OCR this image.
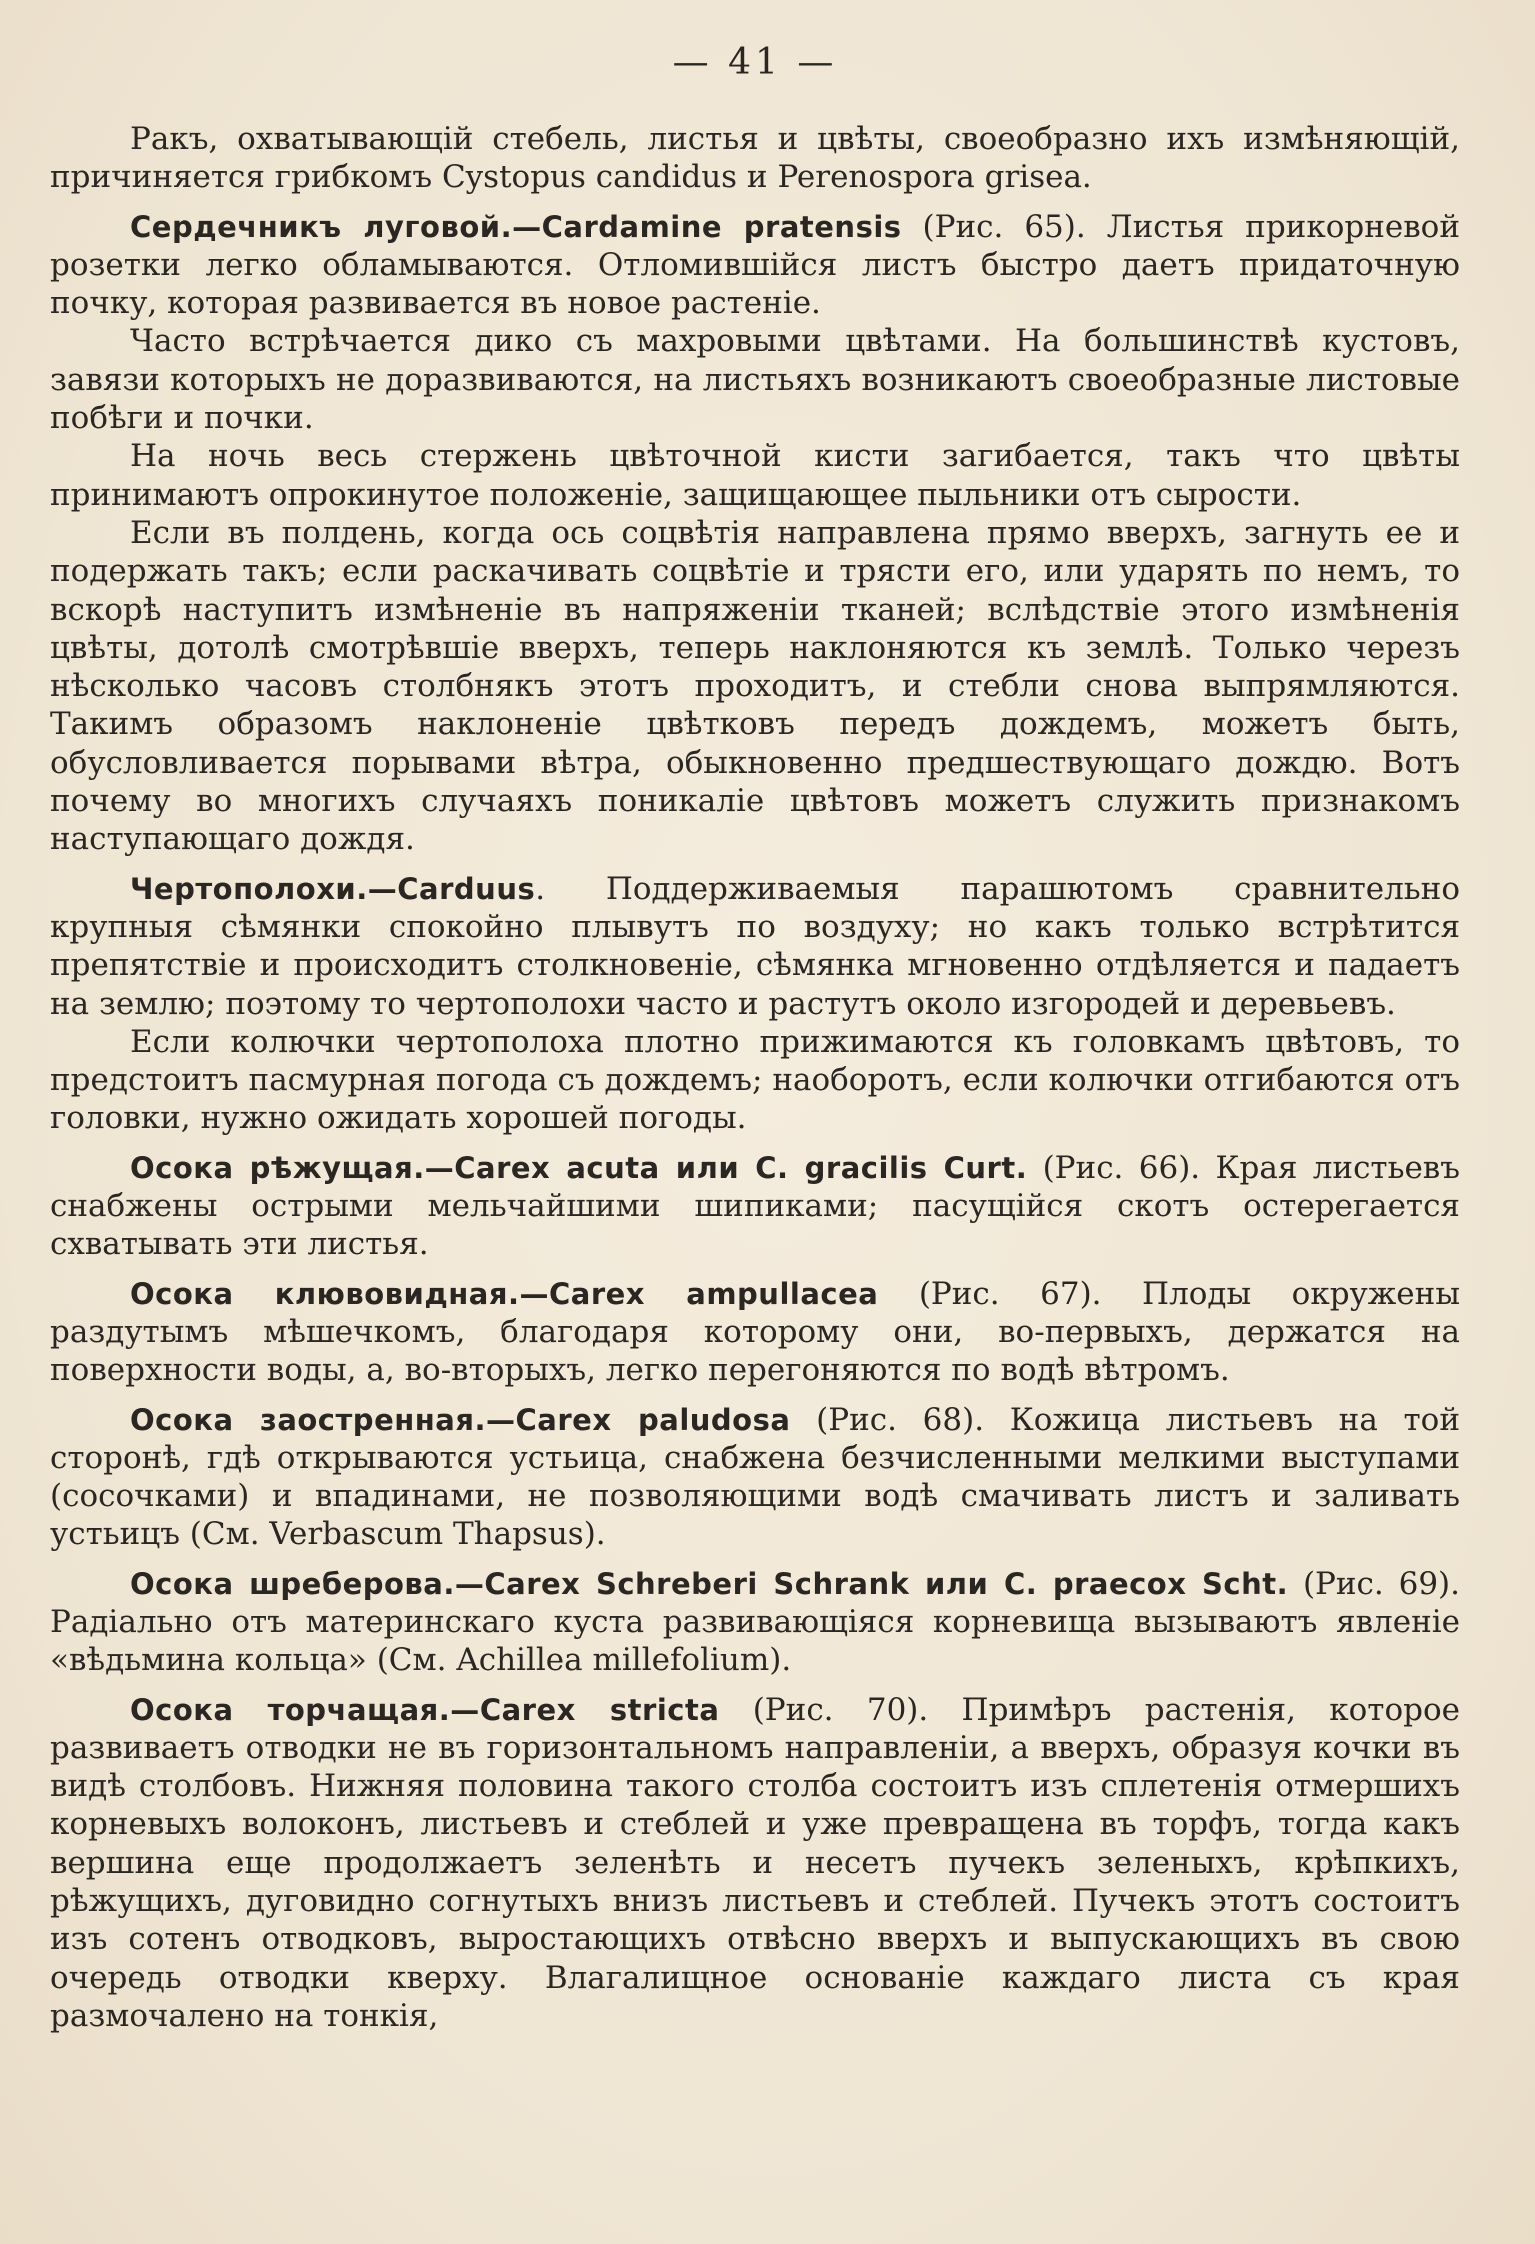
— 41 —

Ракъ, охватывающій стебель, листья и цвѣты, своеобразно ихъ измѣняющій, причиняется грибкомъ Cystopus candidus и Perenospora grisea.

Сердечникъ луговой.—Cardamine pratensis (Рис. 65). Листья прикорневой розетки легко обламываются. Отломившійся листъ быстро даетъ придаточную почку, которая развивается въ новое растеніе.

Часто встрѣчается дико съ махровыми цвѣтами. На большинствѣ кустовъ, завязи которыхъ не доразвиваются, на листьяхъ возникаютъ своеобразные листовые побѣги и почки.

На ночь весь стержень цвѣточной кисти загибается, такъ что цвѣты принимаютъ опрокинутое положеніе, защищающее пыльники отъ сырости.

Если въ полдень, когда ось соцвѣтія направлена прямо вверхъ, загнуть ее и подержать такъ; если раскачивать соцвѣтіе и трясти его, или ударять по немъ, то вскорѣ наступитъ измѣненіе въ напряженіи тканей; вслѣдствіе этого измѣненія цвѣты, дотолѣ смотрѣвшіе вверхъ, теперь наклоняются къ землѣ. Только черезъ нѣсколько часовъ столбнякъ этотъ проходитъ, и стебли снова выпрямляются. Такимъ образомъ наклоненіе цвѣтковъ передъ дождемъ, можетъ быть, обусловливается порывами вѣтра, обыкновенно предшествующаго дождю. Вотъ почему во многихъ случаяхъ поникаліе цвѣтовъ можетъ служить признакомъ наступающаго дождя.

Чертополохи.—Carduus. Поддерживаемыя парашютомъ сравнительно крупныя сѣмянки спокойно плывутъ по воздуху; но какъ только встрѣтится препятствіе и происходитъ столкновеніе, сѣмянка мгновенно отдѣляется и падаетъ на землю; поэтому то чертополохи часто и растутъ около изгородей и деревьевъ.

Если колючки чертополоха плотно прижимаются къ головкамъ цвѣтовъ, то предстоитъ пасмурная погода съ дождемъ; наоборотъ, если колючки отгибаются отъ головки, нужно ожидать хорошей погоды.

Осока рѣжущая.—Carex acuta или C. gracilis Curt. (Рис. 66). Края листьевъ снабжены острыми мельчайшими шипиками; пасущійся скотъ остерегается схватывать эти листья.

Осока клювовидная.—Carex ampullacea (Рис. 67). Плоды окружены раздутымъ мѣшечкомъ, благодаря которому они, во-первыхъ, держатся на поверхности воды, а, во-вторыхъ, легко перегоняются по водѣ вѣтромъ.

Осока заостренная.—Carex paludosa (Рис. 68). Кожица листьевъ на той сторонѣ, гдѣ открываются устьица, снабжена безчисленными мелкими выступами (сосочками) и впадинами, не позволяющими водѣ смачивать листъ и заливать устьицъ (См. Verbascum Thapsus).

Осока шреберова.—Carex Schreberi Schrank или C. praecox Scht. (Рис. 69). Радіально отъ материнскаго куста развивающіяся корневища вызываютъ явленіе «вѣдьмина кольца» (См. Achillea millefolium).

Осока торчащая.—Carex stricta (Рис. 70). Примѣръ растенія, которое развиваетъ отводки не въ горизонтальномъ направленіи, а вверхъ, образуя кочки въ видѣ столбовъ. Нижняя половина такого столба состоитъ изъ сплетенія отмершихъ корневыхъ волоконъ, листьевъ и стеблей и уже превращена въ торфъ, тогда какъ вершина еще продолжаетъ зеленѣть и несетъ пучекъ зеленыхъ, крѣпкихъ, рѣжущихъ, дуговидно согнутыхъ внизъ листьевъ и стеблей. Пучекъ этотъ состоитъ изъ сотенъ отводковъ, выростающихъ отвѣсно вверхъ и выпускающихъ въ свою очередь отводки кверху. Влагалищное основаніе каждаго листа съ края размочалено на тонкія,
